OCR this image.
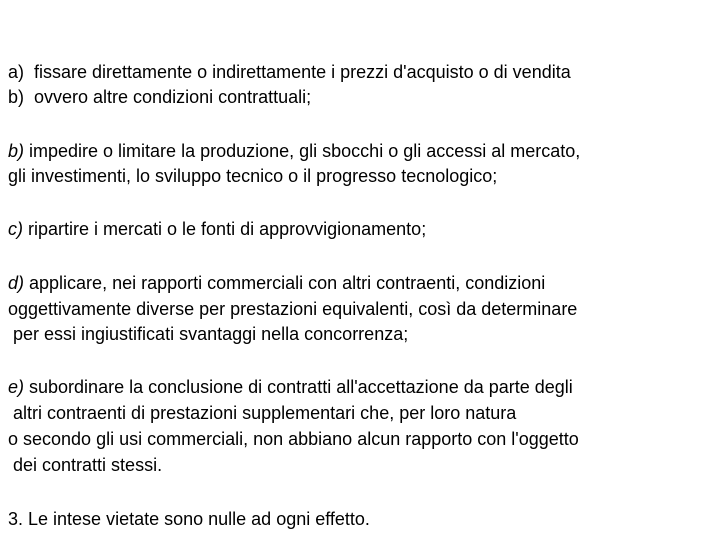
a)  fissare direttamente o indirettamente i prezzi d'acquisto o di vendita
b)  ovvero altre condizioni contrattuali;
b) impedire o limitare la produzione, gli sbocchi o gli accessi al mercato,
gli investimenti, lo sviluppo tecnico o il progresso tecnologico;
c) ripartire i mercati o le fonti di approvvigionamento;
d) applicare, nei rapporti commerciali con altri contraenti, condizioni
oggettivamente diverse per prestazioni equivalenti, così da determinare
per essi ingiustificati svantaggi nella concorrenza;
e) subordinare la conclusione di contratti all'accettazione da parte degli
altri contraenti di prestazioni supplementari che, per loro natura
o secondo gli usi commerciali, non abbiano alcun rapporto con l'oggetto
dei contratti stessi.
3. Le intese vietate sono nulle ad ogni effetto.
